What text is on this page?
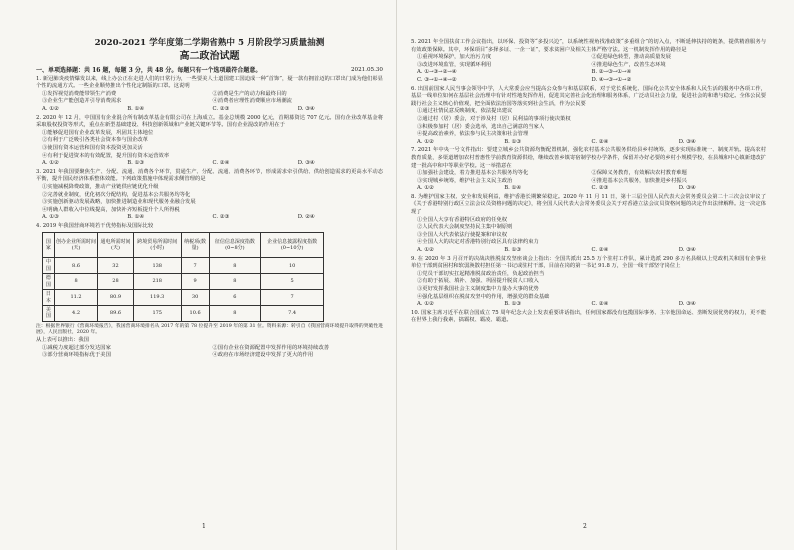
2020-2021 学年度第二学期省熟中 5 月阶段学习质量抽测
高二政治试题
一、单项选择题：共 16 题，每题 3 分，共 48 分。每题只有一个选项最符合题意。	2021.05.30
1. 新冠肺炎疫情爆发以来，线上办公正在走进人们的日常行为，一些要美人士道国建工国迫成一种“首饰”，疑一款有拥首迈的口罩出门成为他们彰显个性的流通方式。一些企业顺势推出个性化定制版的口罩。这说明
①发挥视觉消费能带领生产消费	②消费是生产的动力和最终目的
③企业生产能创造并引导消费需求	④消费者应理性消费顺应市场潮流
A. ①②	B. ①④	C. ②③	D. ③④
2. 2020 年 12 月，中国国有企业混合所有制改革基金有限公司在上海成立。基金总规模 2000 亿元，首期募资达 707 亿元。国有企业改革基金将采取股权投资等形式，重点在新型基础建设、科技创新领域和产业链关键环节等。国有企业混改的作用在于
①能够促进国有企业改革发展，巩固其主体地位
②有利于广泛吸引各类社会资本参与国企改革
③使国有资本运营和国有资本投资更加灵活
④有利于促进资本的有效配置，提升国有资本运营效率
A. ①②	B. ①③	C. ②④	D. ③④
3. 2021 年我国要聚焦生产、分配、流通、消费各个环节，贯通生产、分配、流通、消费各环节，形成需求牵引供给、供给创造需求的更高水平动态平衡，提升国民经济体系整体效能。下列政策措施中体现需求侧管理的是
①实施减税降费政策，推动产业链供应链优化升级
②完善就业制度，优化初次分配结构，促进基本公共服务均等化
③实施创新驱动发展战略，加快推进制造业和现代服务业融合发展
④明确人群收入中位线提高，加快补齐短板提升个人所得税
A. ①③	B. ①④	C. ②③	D. ②④
4. 2019 年我国营商环境若干优势指标及国际比较
国家	创办企业所需时间(天)	通电所需时间(天)	跨境贸易所需时间(小时)	纳税项(数量)	征信信息深度指数(0~8分)	企业信息披露程度指数(0~10分)
中国	8.6	32	138	7	8	10
德国	8	28	218	9	8	5
日本	11.2	80.9	119.3	30	6	7
美国	4.2	89.6	175	10.6	8	7.4
注：根据世界银行《营商环境报告》，我国营商环境排名从 2017 年的第 78 位提升至 2019 年的第 31 位。资料来源：转引自《我国营商环境提升取得的突破性进展》，人民出版社，2020 年。
从上表可以推出：我国
①减税力度超过部分发达国家	②国有企业在资源配置中发挥作用的环境持续改善
③部分营商环境指标优于美国	④政府在市场经济建设中发挥了更大的作用
1
5. 2021 年全国扶贫工作会议指出，以环保、投资等“多投兴边”，以系统性视角找准政策“多重组合”的切入点，不断延伸扶持的链条，提供精准服务与有效政策保障。其中，环保项目“多择多证、一企一证”，要求贫困户及相关主体严格守法。这一机制发挥作用的路径是
①重视环境保护，加大治污力度	②促进绿色转型，推动高质量发展
③改进环境监管，实现循环利用	④推进绿色生产，改善生态环境
A. ①→③→②→④	B. ②→③→①→④
C. ③→①→④→②	D. ④→③→①→②
6. 出国前国家人民当事会领导中学，人大常委会应当提高公众参与和基层联系，对于党长系统化、国际化公共安全体系和人民生活的服务中各项工作，基层一线单位如何在基层社会治理中有针对性地发挥作用，促进其完善社会化治理和服务体系，广泛动员社会力量，促进社会的和谐与稳定。全体公民要践行社会主义核心价值观，把全面依法治国等落实到社会生活，作为公民要
①通过社情民意反映制度，依法提出建议
②通过村（居）委会，对于涉及村（居）民利益的事项行使决策权
③积极参加村（居）委会选举，选出自己满意的当家人
④提高政治素养，依法参与民主决策和社会管理
A. ①②	B. ①③	C. ②④	D. ③④
7. 2021 年中央一号文件指出：要建立城乡公共资源均衡配置机制，强化农村基本公共服务供给县乡村统筹，逐步实现标准统一、制度并轨。提高农村教育质量，多渠道增加农村普惠性学前教育资源供给，继续改善乡镇寄宿制学校办学条件，保留并办好必要的乡村小规模学校，在县城和中心镇新建改扩建一批高中和中等职业学校。这一举措意在
①加强社会建设，着力推进基本公共服务均等化	②保障义务教育，有效解决农村教育难题
③实现城乡统筹，维护社会主义民主政治	④推进基本公共服务，加快推进乡村振兴
A. ①②	B. ①④	C. ②③	D. ③④
8. 为维护国家主权、安全和发展利益，维护香港长期繁荣稳定。2020 年 11 月 11 日，第十三届全国人民代表大会常务委员会第二十三次会议审议了《关于香港特别行政区立法会议员资格问题的决定》，将全国人民代表大会常务委员会关于对香港立法会议员资格问题的决定作出法律解释。这一决定体现了
①全国人大享有香港特区政府的任免权
②人民代表大会制度坚持民主集中制原则
③全国人大代表依法行使提案和审议权
④全国人大的决定对香港特别行政区具有法律约束力
A. ①②	B. ①③	C. ②④	D. ③④
9. 在 2020 年 3 月召开的决战决胜脱贫攻坚座谈会上指出：全国共派出 25.5 万个驻村工作队，累计选派 290 多万名县级以上党政机关和国有企事业单位干部到贫困村和软弱涣散村担任第一书记或驻村干部，目前在岗的第一书记 91.8 万，全国一线干部坚守岗位上
①党员干部切实扛起精准脱贫政治责任，负起政治担当
②有助于拓展、填补、加强、巩固提升脱贫人口收入
③更好发挥我国社会主义制度集中力量办大事的优势
④强化基层组织在脱贫攻坚中的作用，增强党的群众基础
A. ①②	B. ①③	C. ②④	D. ③④
10. 国家主席习近平在联合国成立 75 周年纪念大会上发表重要讲话指出，任何国家都没有包揽国际事务、主宰他国命运、垄断发展优势的权力，更不能在世界上我行我素，搞霸权、霸凌、霸道。
2
